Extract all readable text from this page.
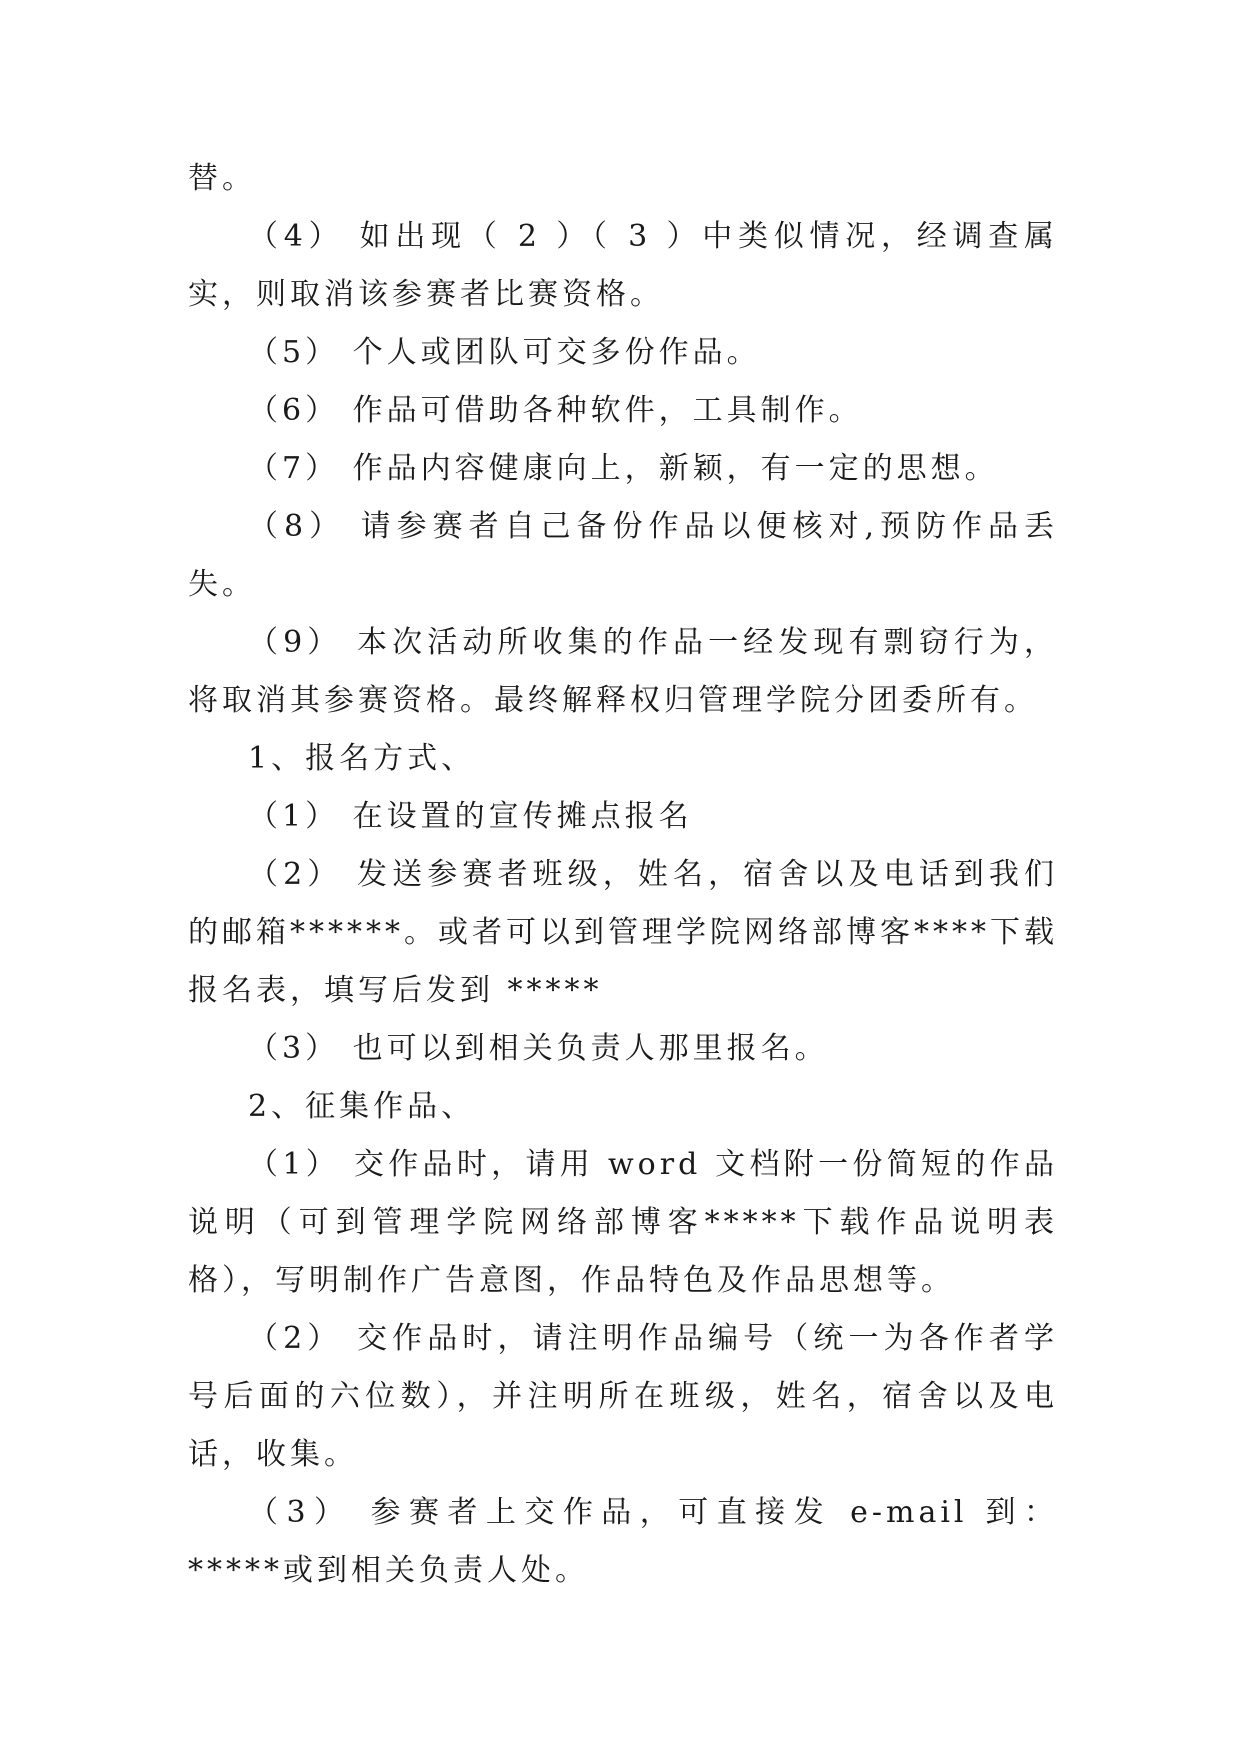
替。

（4） 如出现（ 2 ）（ 3 ）中类似情况，经调查属实，则取消该参赛者比赛资格。

（5） 个人或团队可交多份作品。

（6） 作品可借助各种软件，工具制作。

（7） 作品内容健康向上，新颖，有一定的思想。

（8） 请参赛者自己备份作品以便核对,预防作品丢失。

（9） 本次活动所收集的作品一经发现有剽窃行为，将取消其参赛资格。最终解释权归管理学院分团委所有。

1、报名方式、

（1） 在设置的宣传摊点报名

（2） 发送参赛者班级，姓名，宿舍以及电话到我们的邮箱******。或者可以到管理学院网络部博客****下载报名表，填写后发到 *****

（3） 也可以到相关负责人那里报名。

2、征集作品、

（1） 交作品时，请用 word 文档附一份简短的作品说明（可到管理学院网络部博客*****下载作品说明表格），写明制作广告意图，作品特色及作品思想等。

（2） 交作品时，请注明作品编号（统一为各作者学号后面的六位数），并注明所在班级，姓名，宿舍以及电话，收集。

（3） 参赛者上交作品，可直接发 e-mail 到：*****或到相关负责人处。
